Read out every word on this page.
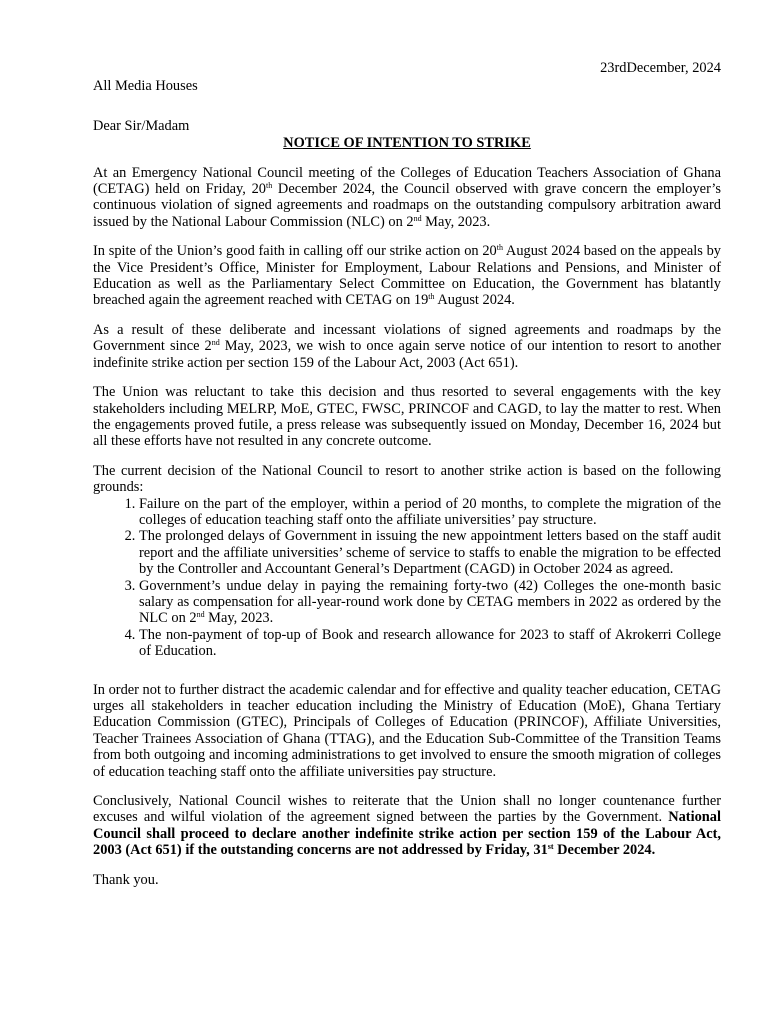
23rdDecember, 2024
All Media Houses
Dear Sir/Madam
NOTICE OF INTENTION TO STRIKE

At an Emergency National Council meeting of the Colleges of Education Teachers Association of Ghana (CETAG) held on Friday, 20th December 2024, the Council observed with grave concern the employer’s continuous violation of signed agreements and roadmaps on the outstanding compulsory arbitration award issued by the National Labour Commission (NLC) on 2nd May, 2023.

In spite of the Union’s good faith in calling off our strike action on 20th August 2024 based on the appeals by the Vice President’s Office, Minister for Employment, Labour Relations and Pensions, and Minister of Education as well as the Parliamentary Select Committee on Education, the Government has blatantly breached again the agreement reached with CETAG on 19th August 2024.

As a result of these deliberate and incessant violations of signed agreements and roadmaps by the Government since 2nd May, 2023, we wish to once again serve notice of our intention to resort to another indefinite strike action per section 159 of the Labour Act, 2003 (Act 651).

The Union was reluctant to take this decision and thus resorted to several engagements with the key stakeholders including MELRP, MoE, GTEC, FWSC, PRINCOF and CAGD, to lay the matter to rest. When the engagements proved futile, a press release was subsequently issued on Monday, December 16, 2024 but all these efforts have not resulted in any concrete outcome.

The current decision of the National Council to resort to another strike action is based on the following grounds:

1. Failure on the part of the employer, within a period of 20 months, to complete the migration of the colleges of education teaching staff onto the affiliate universities’ pay structure.
2. The prolonged delays of Government in issuing the new appointment letters based on the staff audit report and the affiliate universities’ scheme of service to staffs to enable the migration to be effected by the Controller and Accountant General’s Department (CAGD) in October 2024 as agreed.
3. Government’s undue delay in paying the remaining forty-two (42) Colleges the one-month basic salary as compensation for all-year-round work done by CETAG members in 2022 as ordered by the NLC on 2nd May, 2023.
4. The non-payment of top-up of Book and research allowance for 2023 to staff of Akrokerri College of Education.

In order not to further distract the academic calendar and for effective and quality teacher education, CETAG urges all stakeholders in teacher education including the Ministry of Education (MoE), Ghana Tertiary Education Commission (GTEC), Principals of Colleges of Education (PRINCOF), Affiliate Universities, Teacher Trainees Association of Ghana (TTAG), and the Education Sub-Committee of the Transition Teams from both outgoing and incoming administrations to get involved to ensure the smooth migration of colleges of education teaching staff onto the affiliate universities pay structure.

Conclusively, National Council wishes to reiterate that the Union shall no longer countenance further excuses and wilful violation of the agreement signed between the parties by the Government. National Council shall proceed to declare another indefinite strike action per section 159 of the Labour Act, 2003 (Act 651) if the outstanding concerns are not addressed by Friday, 31st December 2024.

Thank you.
